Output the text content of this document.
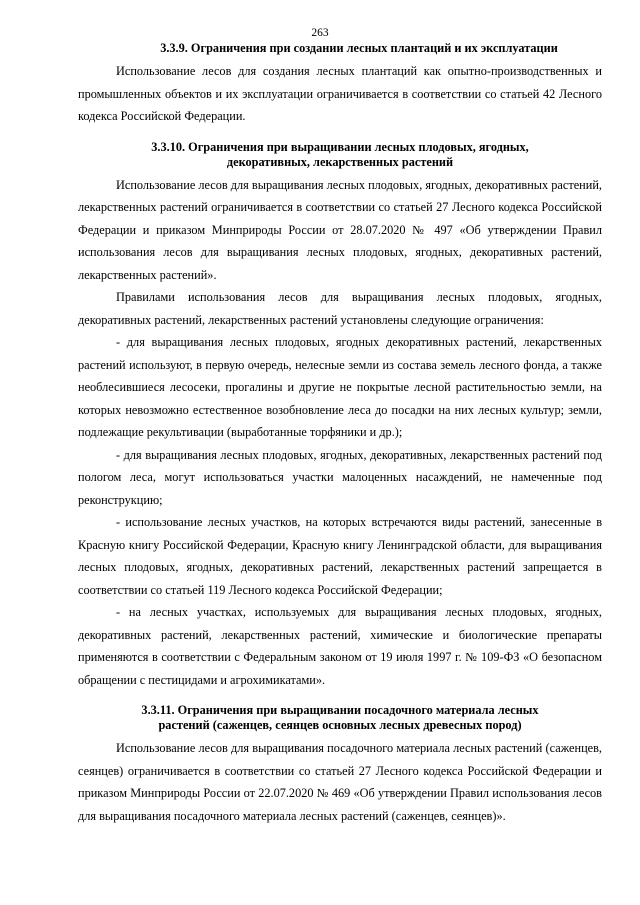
263

3.3.9. Ограничения при создании лесных плантаций и их эксплуатации

Использование лесов для создания лесных плантаций как опытно-производственных и промышленных объектов и их эксплуатации ограничивается в соответствии со статьей 42 Лесного кодекса Российской Федерации.

3.3.10. Ограничения при выращивании лесных плодовых, ягодных,

декоративных, лекарственных растений

Использование лесов для выращивания лесных плодовых, ягодных, декоративных растений, лекарственных растений ограничивается в соответствии со статьей 27 Лесного кодекса Российской Федерации и приказом Минприроды России от 28.07.2020 № 497 «Об утверждении Правил использования лесов для выращивания лесных плодовых, ягодных, декоративных растений, лекарственных растений».

Правилами использования лесов для выращивания лесных плодовых, ягодных, декоративных растений, лекарственных растений установлены следующие ограничения:

- для выращивания лесных плодовых, ягодных декоративных растений, лекарственных растений используют, в первую очередь, нелесные земли из состава земель лесного фонда, а также необлесившиеся лесосеки, прогалины и другие не покрытые лесной растительностью земли, на которых невозможно естественное возобновление леса до посадки на них лесных культур; земли, подлежащие рекультивации (выработанные торфяники и др.);

- для выращивания лесных плодовых, ягодных, декоративных, лекарственных растений под пологом леса, могут использоваться участки малоценных насаждений, не намеченные под реконструкцию;

- использование лесных участков, на которых встречаются виды растений, занесенные в Красную книгу Российской Федерации, Красную книгу Ленинградской области, для выращивания лесных плодовых, ягодных, декоративных растений, лекарственных растений запрещается в соответствии со статьей 119 Лесного кодекса Российской Федерации;

- на лесных участках, используемых для выращивания лесных плодовых, ягодных, декоративных растений, лекарственных растений, химические и биологические препараты применяются в соответствии с Федеральным законом от 19 июля 1997 г. № 109-ФЗ «О безопасном обращении с пестицидами и агрохимикатами».

3.3.11. Ограничения при выращивании посадочного материала лесных

растений (саженцев, сеянцев основных лесных древесных пород)

Использование лесов для выращивания посадочного материала лесных растений (саженцев, сеянцев) ограничивается в соответствии со статьей 27 Лесного кодекса Российской Федерации и приказом Минприроды России от 22.07.2020 № 469 «Об утверждении Правил использования лесов для выращивания посадочного материала лесных растений (саженцев, сеянцев)».
